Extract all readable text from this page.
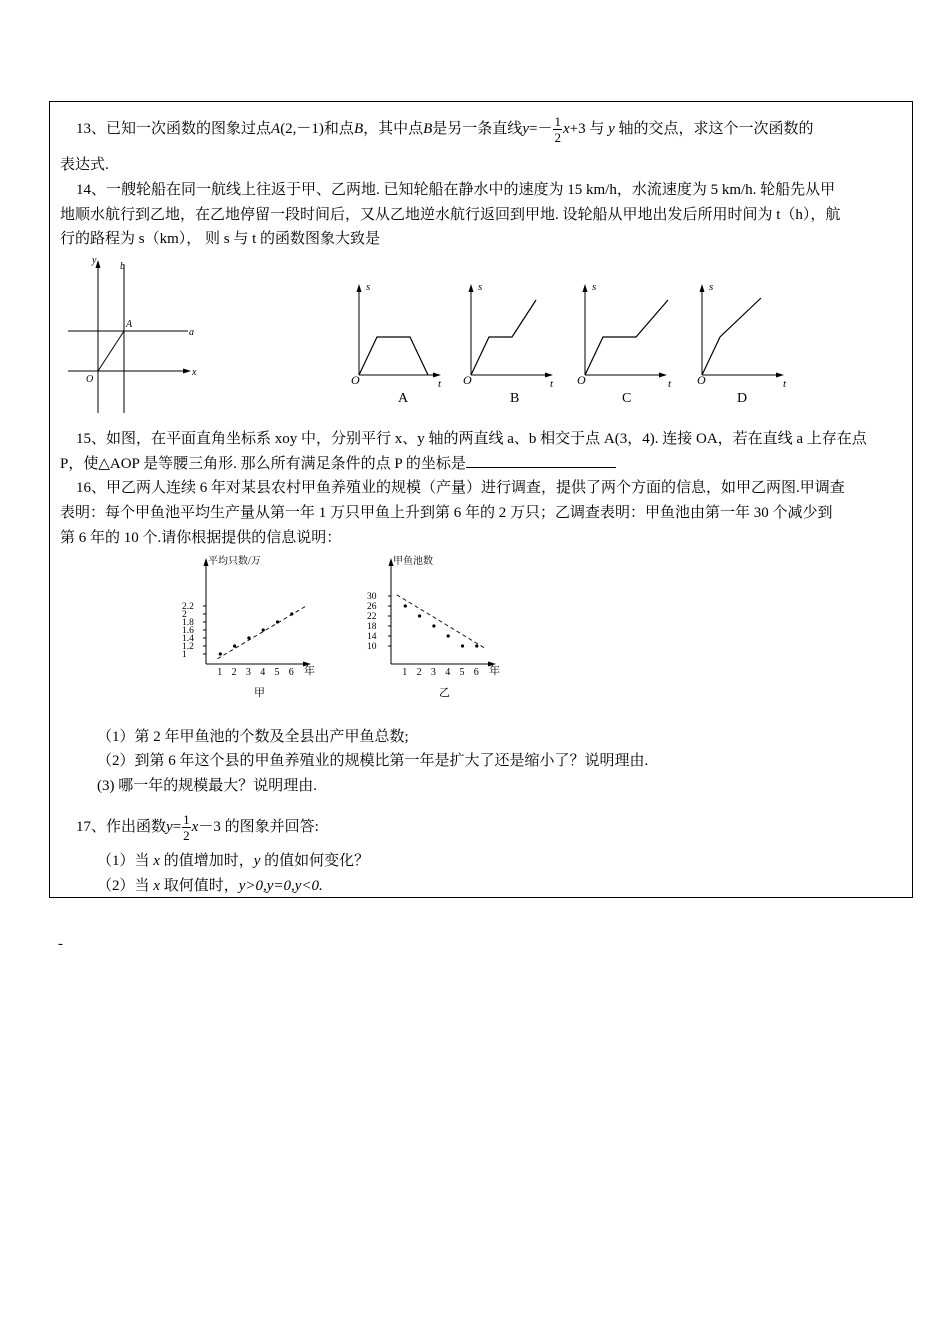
13、已知一次函数的图象过点A(2,－1)和点B，其中点B是另一条直线$y=- \frac{1}{2} x+3$ 与 y 轴的交点，求这个一次函数的
表达式.
14、一艘轮船在同一航线上往返于甲、乙两地. 已知轮船在静水中的速度为 15 km/h，水流速度为 5 km/h. 轮船先从甲
地顺水航行到乙地，在乙地停留一段时间后，又从乙地逆水航行返回到甲地. 设轮船从甲地出发后所用时间为 t（h），航
行的路程为 s（km）， 则 s 与 t 的函数图象大致是
y
b
A
a
O
x
s
O	t
A
s
O	t
B
s
O	t
C
s
O	t
D
15、如图，在平面直角坐标系 xoy 中，分别平行 x、y 轴的两直线 a、b 相交于点 A(3，4). 连接 OA，若在直线 a 上存在点
P，使△AOP 是等腰三角形. 那么所有满足条件的点 P 的坐标是
16、甲乙两人连续 6 年对某县农村甲鱼养殖业的规模（产量）进行调查，提供了两个方面的信息，如甲乙两图.甲调查
表明：每个甲鱼池平均生产量从第一年 1 万只甲鱼上升到第 6 年的 2 万只；乙调查表明：甲鱼池由第一年 30 个减少到
第 6 年的 10 个.请你根据提供的信息说明：
平均只数/万
年
1 2 3 4 5 6
1
1.2
1.4
1.6
1.8
2
2.2
甲
甲鱼池数
年
1 2 3 4 5 6
10
14
18
22
26
30
乙
（1）第 2 年甲鱼池的个数及全县出产甲鱼总数;
（2）到第 6 年这个县的甲鱼养殖业的规模比第一年是扩大了还是缩小了？说明理由.
(3) 哪一年的规模最大？说明理由.
17、作出函数$y= \frac{1}{2} x-3$ 的图象并回答:
（1）当 x 的值增加时，y 的值如何变化？
（2）当 x 取何值时，y>0,y=0,y<0.
-
